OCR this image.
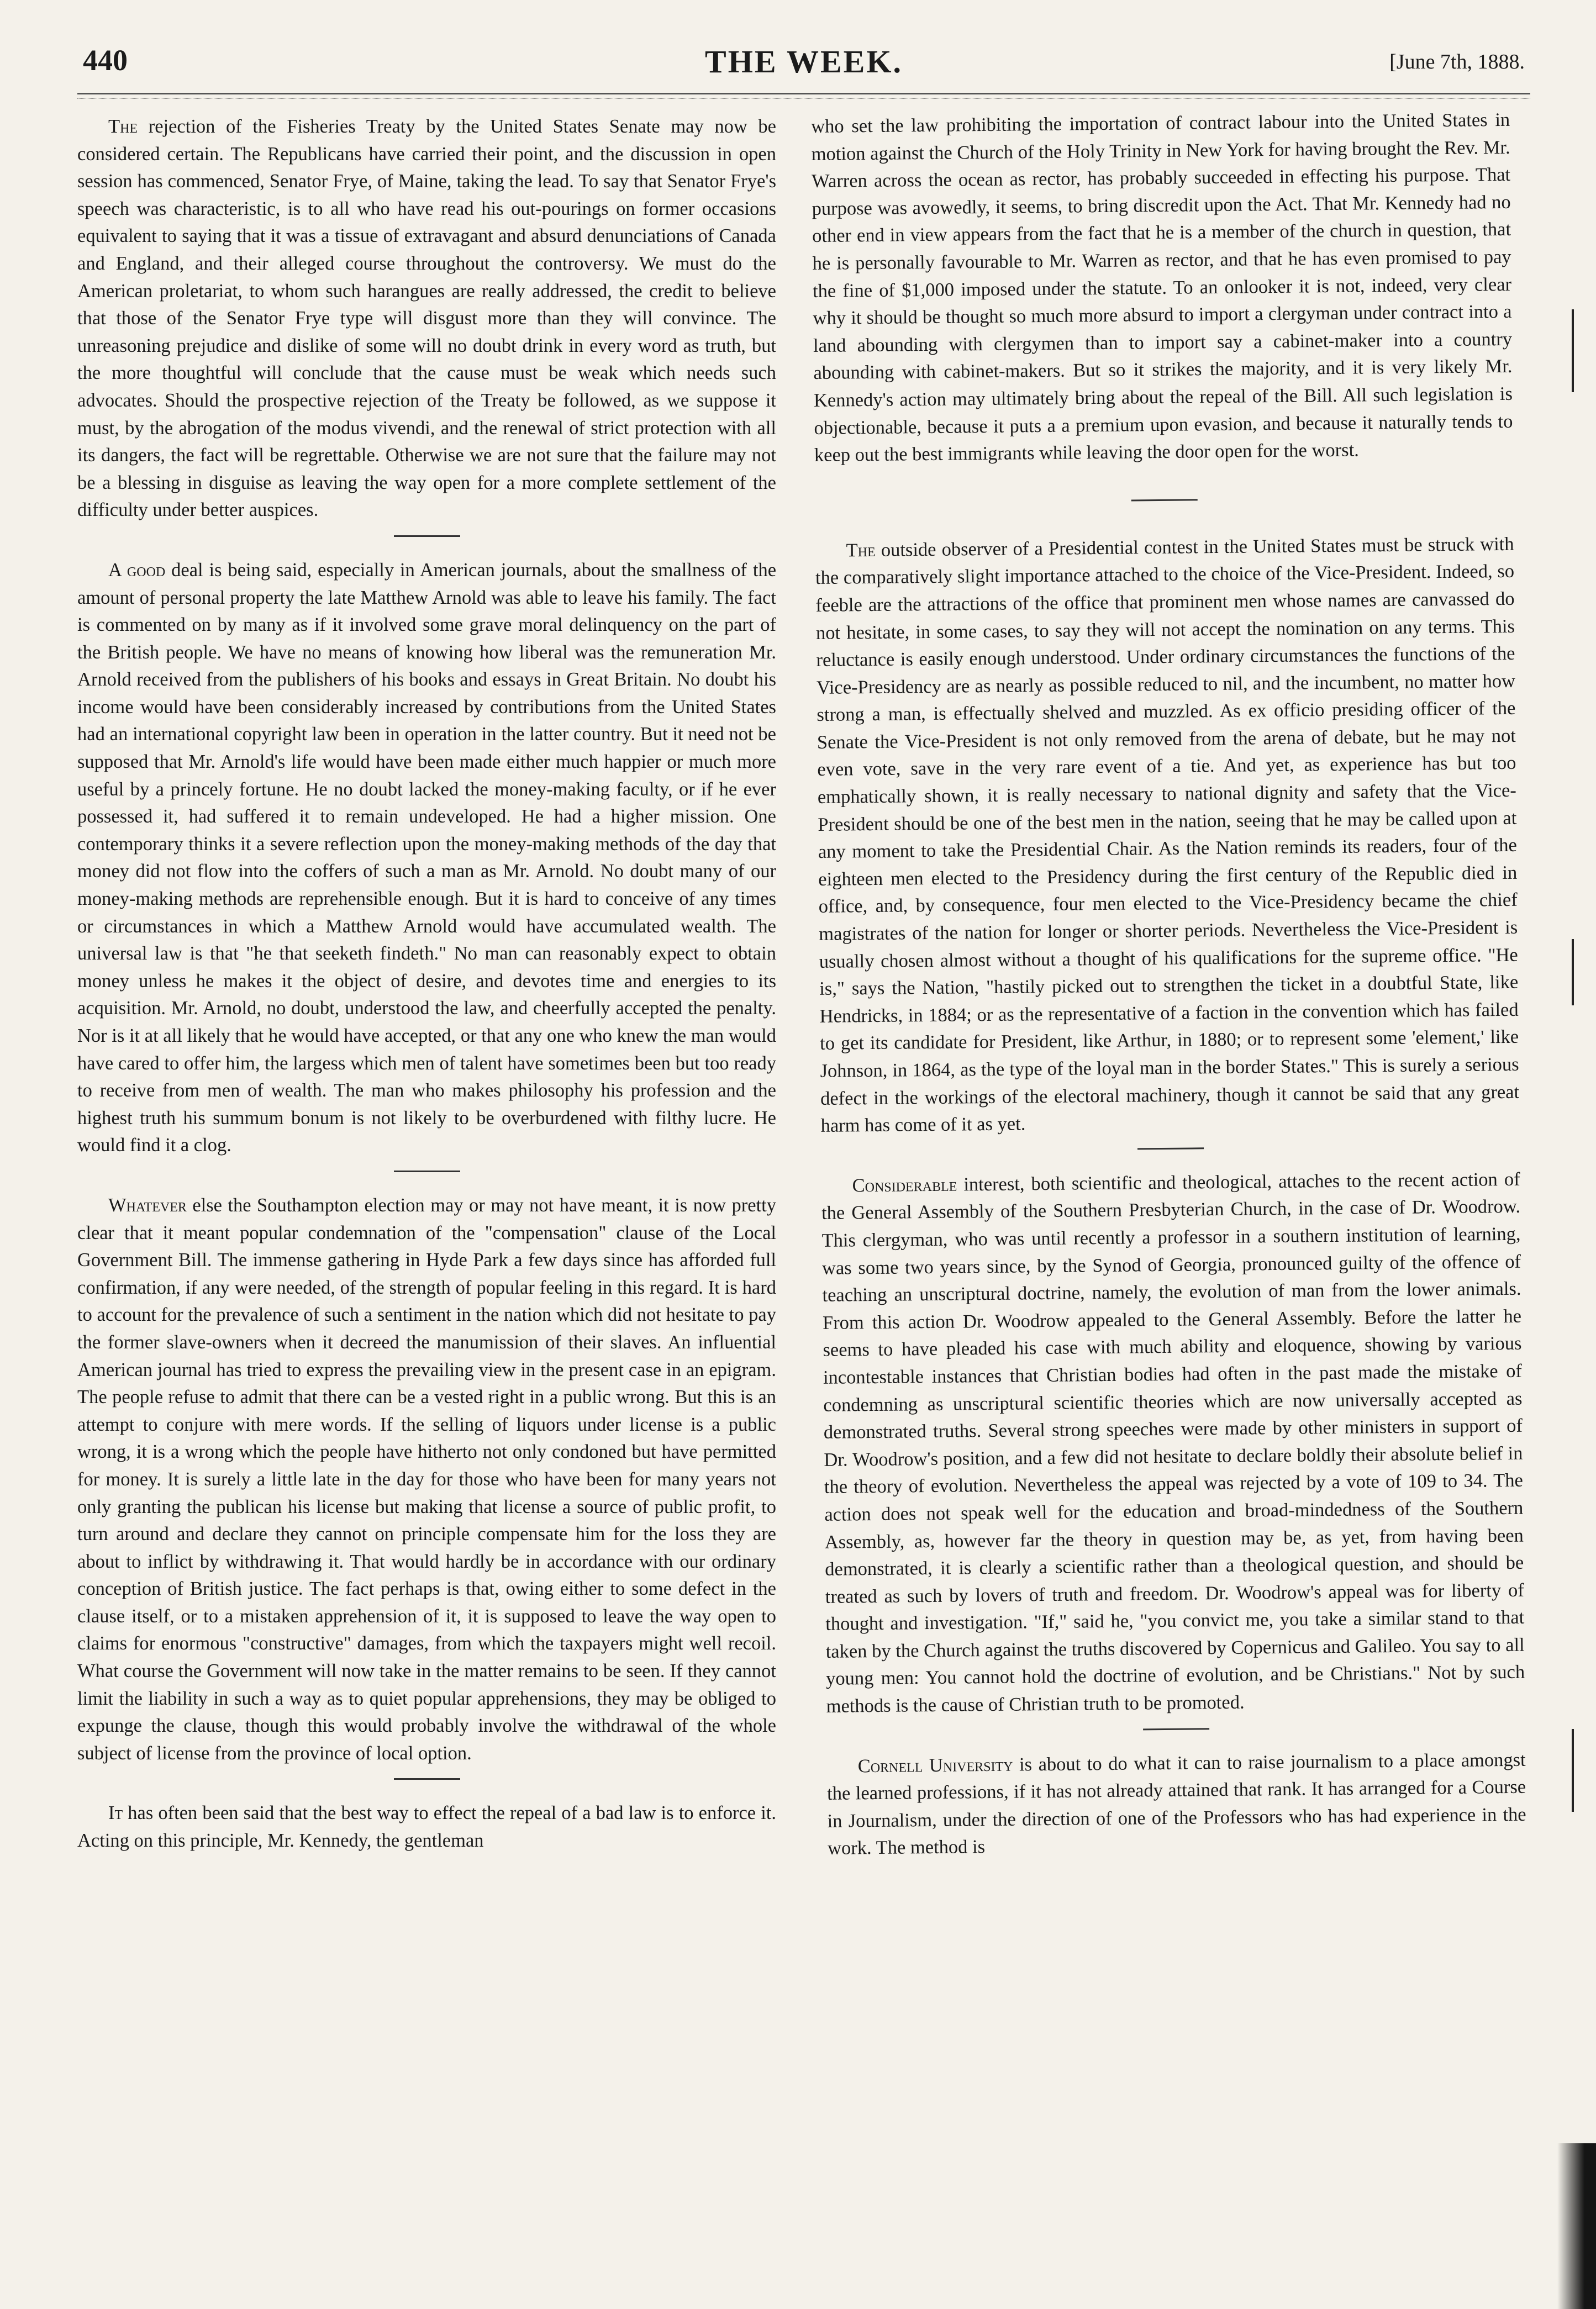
440	THE WEEK.	[June 7th, 1888.

The rejection of the Fisheries Treaty by the United States Senate may now be considered certain. The Republicans have carried their point, and the discussion in open session has commenced, Senator Frye, of Maine, taking the lead. To say that Senator Frye's speech was characteristic, is to all who have read his out-pourings on former occasions equivalent to saying that it was a tissue of extravagant and absurd denunciations of Canada and England, and their alleged course throughout the controversy. We must do the American proletariat, to whom such harangues are really addressed, the credit to believe that those of the Senator Frye type will disgust more than they will convince. The unreasoning prejudice and dislike of some will no doubt drink in every word as truth, but the more thoughtful will conclude that the cause must be weak which needs such advocates. Should the prospective rejection of the Treaty be followed, as we suppose it must, by the abrogation of the modus vivendi, and the renewal of strict protection with all its dangers, the fact will be regrettable. Otherwise we are not sure that the failure may not be a blessing in disguise as leaving the way open for a more complete settlement of the difficulty under better auspices.

A good deal is being said, especially in American journals, about the smallness of the amount of personal property the late Matthew Arnold was able to leave his family. The fact is commented on by many as if it involved some grave moral delinquency on the part of the British people. We have no means of knowing how liberal was the remuneration Mr. Arnold received from the publishers of his books and essays in Great Britain. No doubt his income would have been considerably increased by contributions from the United States had an international copyright law been in operation in the latter country. But it need not be supposed that Mr. Arnold's life would have been made either much happier or much more useful by a princely fortune. He no doubt lacked the money-making faculty, or if he ever possessed it, had suffered it to remain undeveloped. He had a higher mission. One contemporary thinks it a severe reflection upon the money-making methods of the day that money did not flow into the coffers of such a man as Mr. Arnold. No doubt many of our money-making methods are reprehensible enough. But it is hard to conceive of any times or circumstances in which a Matthew Arnold would have accumulated wealth. The universal law is that "he that seeketh findeth." No man can reasonably expect to obtain money unless he makes it the object of desire, and devotes time and energies to its acquisition. Mr. Arnold, no doubt, understood the law, and cheerfully accepted the penalty. Nor is it at all likely that he would have accepted, or that any one who knew the man would have cared to offer him, the largess which men of talent have sometimes been but too ready to receive from men of wealth. The man who makes philosophy his profession and the highest truth his summum bonum is not likely to be overburdened with filthy lucre. He would find it a clog.

Whatever else the Southampton election may or may not have meant, it is now pretty clear that it meant popular condemnation of the "compensation" clause of the Local Government Bill. The immense gathering in Hyde Park a few days since has afforded full confirmation, if any were needed, of the strength of popular feeling in this regard. It is hard to account for the prevalence of such a sentiment in the nation which did not hesitate to pay the former slave-owners when it decreed the manumission of their slaves. An influential American journal has tried to express the prevailing view in the present case in an epigram. The people refuse to admit that there can be a vested right in a public wrong. But this is an attempt to conjure with mere words. If the selling of liquors under license is a public wrong, it is a wrong which the people have hitherto not only condoned but have permitted for money. It is surely a little late in the day for those who have been for many years not only granting the publican his license but making that license a source of public profit, to turn around and declare they cannot on principle compensate him for the loss they are about to inflict by withdrawing it. That would hardly be in accordance with our ordinary conception of British justice. The fact perhaps is that, owing either to some defect in the clause itself, or to a mistaken apprehension of it, it is supposed to leave the way open to claims for enormous "constructive" damages, from which the taxpayers might well recoil. What course the Government will now take in the matter remains to be seen. If they cannot limit the liability in such a way as to quiet popular apprehensions, they may be obliged to expunge the clause, though this would probably involve the withdrawal of the whole subject of license from the province of local option.

It has often been said that the best way to effect the repeal of a bad law is to enforce it. Acting on this principle, Mr. Kennedy, the gentleman

who set the law prohibiting the importation of contract labour into the United States in motion against the Church of the Holy Trinity in New York for having brought the Rev. Mr. Warren across the ocean as rector, has probably succeeded in effecting his purpose. That purpose was avowedly, it seems, to bring discredit upon the Act. That Mr. Kennedy had no other end in view appears from the fact that he is a member of the church in question, that he is personally favourable to Mr. Warren as rector, and that he has even promised to pay the fine of $1,000 imposed under the statute. To an onlooker it is not, indeed, very clear why it should be thought so much more absurd to import a clergyman under contract into a land abounding with clergymen than to import say a cabinet-maker into a country abounding with cabinet-makers. But so it strikes the majority, and it is very likely Mr. Kennedy's action may ultimately bring about the repeal of the Bill. All such legislation is objectionable, because it puts a a premium upon evasion, and because it naturally tends to keep out the best immigrants while leaving the door open for the worst.

The outside observer of a Presidential contest in the United States must be struck with the comparatively slight importance attached to the choice of the Vice-President. Indeed, so feeble are the attractions of the office that prominent men whose names are canvassed do not hesitate, in some cases, to say they will not accept the nomination on any terms. This reluctance is easily enough understood. Under ordinary circumstances the functions of the Vice-Presidency are as nearly as possible reduced to nil, and the incumbent, no matter how strong a man, is effectually shelved and muzzled. As ex officio presiding officer of the Senate the Vice-President is not only removed from the arena of debate, but he may not even vote, save in the very rare event of a tie. And yet, as experience has but too emphatically shown, it is really necessary to national dignity and safety that the Vice-President should be one of the best men in the nation, seeing that he may be called upon at any moment to take the Presidential Chair. As the Nation reminds its readers, four of the eighteen men elected to the Presidency during the first century of the Republic died in office, and, by consequence, four men elected to the Vice-Presidency became the chief magistrates of the nation for longer or shorter periods. Nevertheless the Vice-President is usually chosen almost without a thought of his qualifications for the supreme office. "He is," says the Nation, "hastily picked out to strengthen the ticket in a doubtful State, like Hendricks, in 1884; or as the representative of a faction in the convention which has failed to get its candidate for President, like Arthur, in 1880; or to represent some 'element,' like Johnson, in 1864, as the type of the loyal man in the border States." This is surely a serious defect in the workings of the electoral machinery, though it cannot be said that any great harm has come of it as yet.

Considerable interest, both scientific and theological, attaches to the recent action of the General Assembly of the Southern Presbyterian Church, in the case of Dr. Woodrow. This clergyman, who was until recently a professor in a southern institution of learning, was some two years since, by the Synod of Georgia, pronounced guilty of the offence of teaching an unscriptural doctrine, namely, the evolution of man from the lower animals. From this action Dr. Woodrow appealed to the General Assembly. Before the latter he seems to have pleaded his case with much ability and eloquence, showing by various incontestable instances that Christian bodies had often in the past made the mistake of condemning as unscriptural scientific theories which are now universally accepted as demonstrated truths. Several strong speeches were made by other ministers in support of Dr. Woodrow's position, and a few did not hesitate to declare boldly their absolute belief in the theory of evolution. Nevertheless the appeal was rejected by a vote of 109 to 34. The action does not speak well for the education and broad-mindedness of the Southern Assembly, as, however far the theory in question may be, as yet, from having been demonstrated, it is clearly a scientific rather than a theological question, and should be treated as such by lovers of truth and freedom. Dr. Woodrow's appeal was for liberty of thought and investigation. "If," said he, "you convict me, you take a similar stand to that taken by the Church against the truths discovered by Copernicus and Galileo. You say to all young men: You cannot hold the doctrine of evolution, and be Christians." Not by such methods is the cause of Christian truth to be promoted.

Cornell University is about to do what it can to raise journalism to a place amongst the learned professions, if it has not already attained that rank. It has arranged for a Course in Journalism, under the direction of one of the Professors who has had experience in the work. The method is
